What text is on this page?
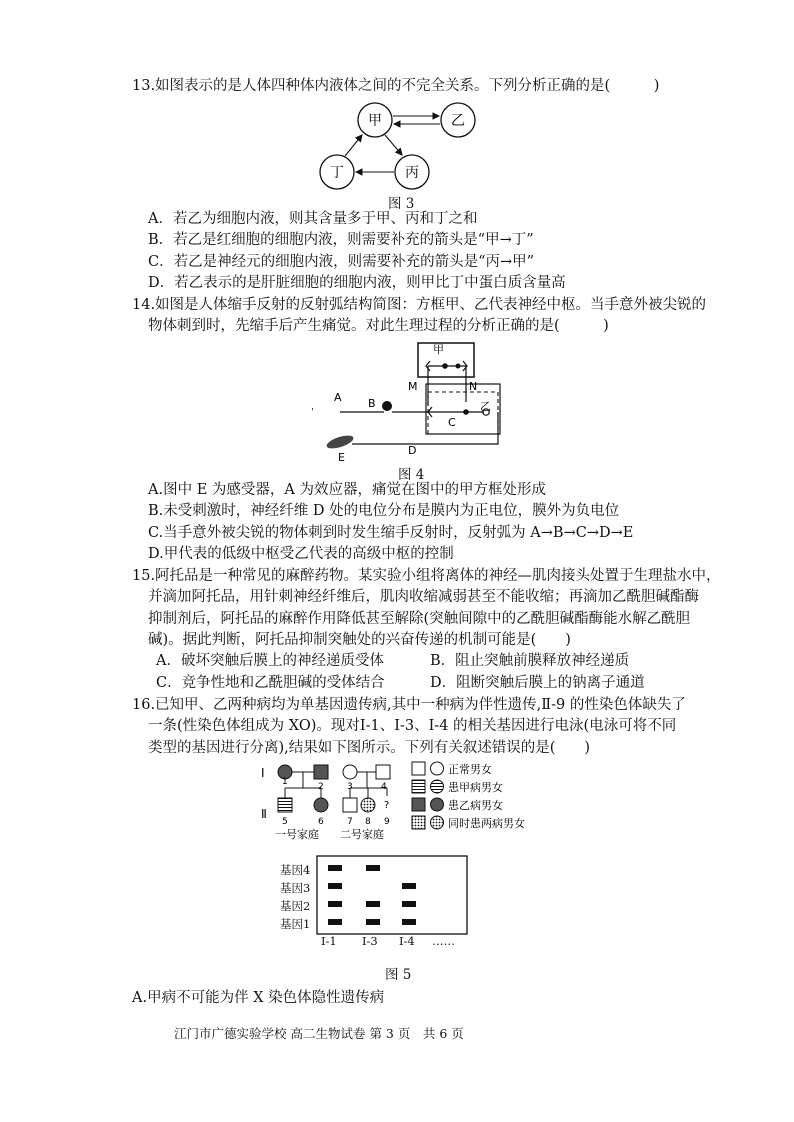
13.如图表示的是人体四种体内液体之间的不完全关系。下列分析正确的是(　　　)
甲	乙
丁	丙
图 3
A．若乙为细胞内液，则其含量多于甲、丙和丁之和
B．若乙是红细胞的细胞内液，则需要补充的箭头是“甲→丁”
C．若乙是神经元的细胞内液，则需要补充的箭头是“丙→甲”
D．若乙表示的是肝脏细胞的细胞内液，则甲比丁中蛋白质含量高
14.如图是人体缩手反射的反射弧结构简图：方框甲、乙代表神经中枢。当手意外被尖锐的
物体刺到时，先缩手后产生痛觉。对此生理过程的分析正确的是(　　　)
甲
乙
M	N
C
A B
D
E
图 4
A.图中 E 为感受器，A 为效应器，痛觉在图中的甲方框处形成
B.未受刺激时，神经纤维 D 处的电位分布是膜内为正电位，膜外为负电位
C.当手意外被尖锐的物体刺到时发生缩手反射时，反射弧为 A→B→C→D→E
D.甲代表的低级中枢受乙代表的高级中枢的控制
15.阿托品是一种常见的麻醉药物。某实验小组将离体的神经—肌肉接头处置于生理盐水中，
并滴加阿托品，用针刺神经纤维后，肌肉收缩减弱甚至不能收缩；再滴加乙酰胆碱酯酶
抑制剂后，阿托品的麻醉作用降低甚至解除(突触间隙中的乙酰胆碱酯酶能水解乙酰胆
碱)。据此判断，阿托品抑制突触处的兴奋传递的机制可能是(　　)
A．破坏突触后膜上的神经递质受体	B．阻止突触前膜释放神经递质
C．竞争性地和乙酰胆碱的受体结合	D．阻断突触后膜上的钠离子通道
16.已知甲、乙两种病均为单基因遗传病,其中一种病为伴性遗传,Ⅱ-9 的性染色体缺失了
一条(性染色体组成为 XO)。现对Ⅰ-1、Ⅰ-3、Ⅰ-4 的相关基因进行电泳(电泳可将不同
类型的基因进行分离),结果如下图所示。下列有关叙述错误的是(　　)
Ⅰ
Ⅱ
?
1	2	3	4
5	6	7 8 9
一号家庭 二号家庭
正常男女
患甲病男女
患乙病男女
同时患两病男女
基因4
基因3
基因2
基因1
Ⅰ-1 Ⅰ-3 Ⅰ-4 ……
图 5
A.甲病不可能为伴 X 染色体隐性遗传病
江门市广德实验学校 高二生物试卷 第 3 页　共 6 页
